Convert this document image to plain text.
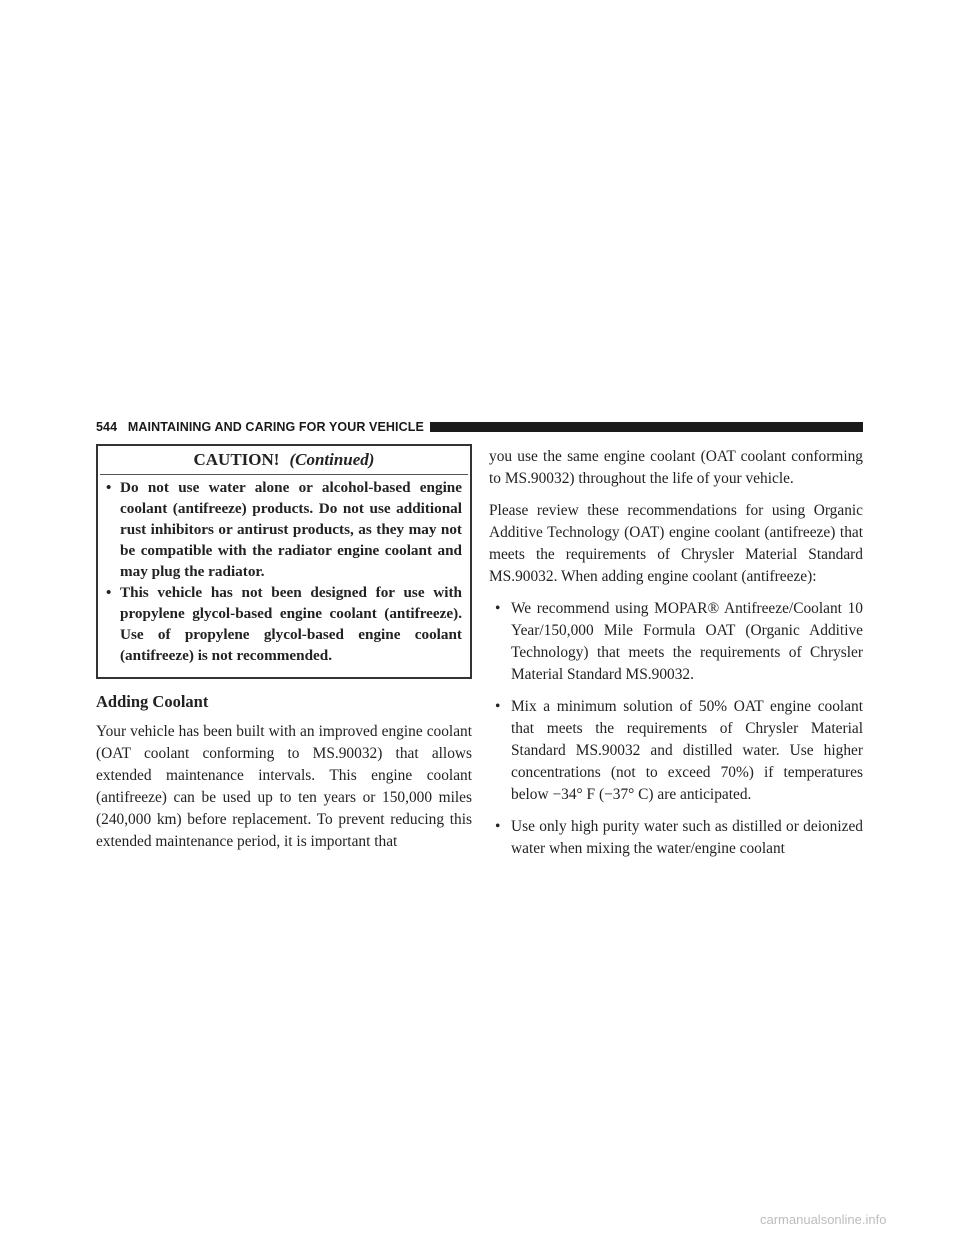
544 MAINTAINING AND CARING FOR YOUR VEHICLE
CAUTION! (Continued)
• Do not use water alone or alcohol-based engine coolant (antifreeze) products. Do not use additional rust inhibitors or antirust products, as they may not be compatible with the radiator engine coolant and may plug the radiator.
• This vehicle has not been designed for use with propylene glycol-based engine coolant (antifreeze). Use of propylene glycol-based engine coolant (antifreeze) is not recommended.
Adding Coolant

Your vehicle has been built with an improved engine coolant (OAT coolant conforming to MS.90032) that allows extended maintenance intervals. This engine coolant (antifreeze) can be used up to ten years or 150,000 miles (240,000 km) before replacement. To prevent reducing this extended maintenance period, it is important that

you use the same engine coolant (OAT coolant conforming to MS.90032) throughout the life of your vehicle.

Please review these recommendations for using Organic Additive Technology (OAT) engine coolant (antifreeze) that meets the requirements of Chrysler Material Standard MS.90032. When adding engine coolant (antifreeze):

• We recommend using MOPAR® Antifreeze/Coolant 10 Year/150,000 Mile Formula OAT (Organic Additive Technology) that meets the requirements of Chrysler Material Standard MS.90032.
• Mix a minimum solution of 50% OAT engine coolant that meets the requirements of Chrysler Material Standard MS.90032 and distilled water. Use higher concentrations (not to exceed 70%) if temperatures below −34° F (−37° C) are anticipated.
• Use only high purity water such as distilled or deionized water when mixing the water/engine coolant
carmanualsonline.info
